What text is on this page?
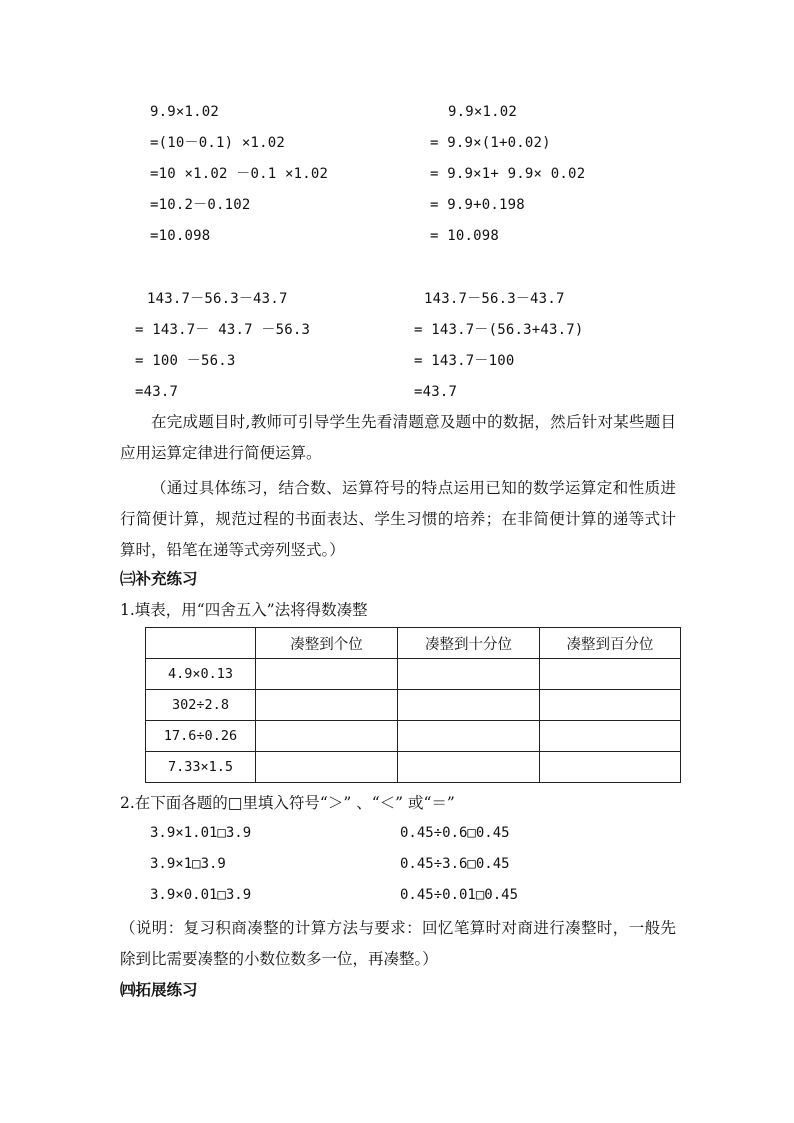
9.9×1.02
=(10－0.1) ×1.02
=10 ×1.02 －0.1 ×1.02
=10.2－0.102
=10.098
9.9×1.02
= 9.9×(1+0.02)
= 9.9×1+ 9.9× 0.02
= 9.9+0.198
= 10.098
143.7－56.3－43.7
= 143.7－ 43.7 －56.3
= 100 －56.3
=43.7
143.7－56.3－43.7
= 143.7－(56.3+43.7)
= 143.7－100
=43.7
在完成题目时,教师可引导学生先看清题意及题中的数据，然后针对某些题目应用运算定律进行简便运算。
（通过具体练习，结合数、运算符号的特点运用已知的数学运算定和性质进行简便计算，规范过程的书面表达、学生习惯的培养；在非简便计算的递等式计算时，铅笔在递等式旁列竖式。）
㈢补充练习
1.填表，用“四舍五入”法将得数凑整
	凑整到个位	凑整到十分位	凑整到百分位
4.9×0.13			
302÷2.8			
17.6÷0.26			
7.33×1.5			
2.在下面各题的□里填入符号“＞” 、“＜” 或“＝”
3.9×1.01□3.9
3.9×1□3.9
3.9×0.01□3.9
0.45÷0.6□0.45
0.45÷3.6□0.45
0.45÷0.01□0.45
（说明：复习积商凑整的计算方法与要求：回忆笔算时对商进行凑整时，一般先除到比需要凑整的小数位数多一位，再凑整。）
㈣拓展练习
